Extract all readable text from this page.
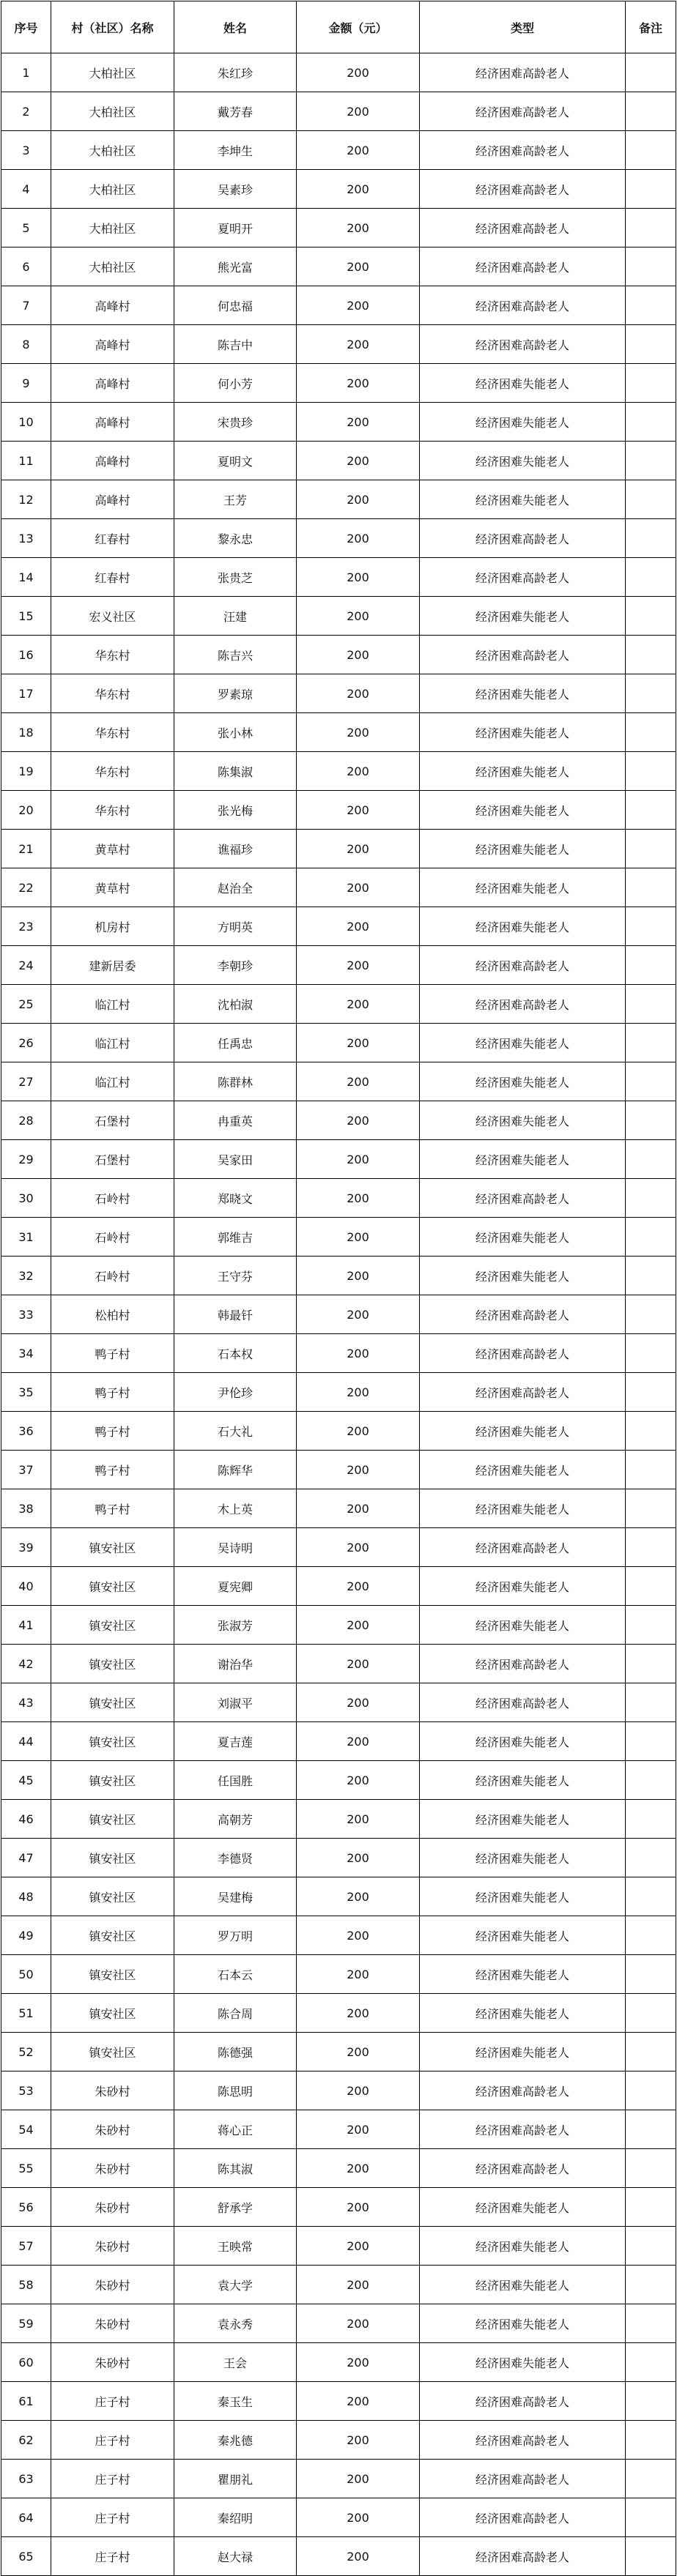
序号	村（社区）名称	姓名	金额（元）	类型	备注
1	大柏社区	朱红珍	200	经济困难高龄老人	
2	大柏社区	戴芳春	200	经济困难高龄老人	
3	大柏社区	李坤生	200	经济困难高龄老人	
4	大柏社区	吴素珍	200	经济困难高龄老人	
5	大柏社区	夏明开	200	经济困难高龄老人	
6	大柏社区	熊光富	200	经济困难高龄老人	
7	高峰村	何忠福	200	经济困难高龄老人	
8	高峰村	陈吉中	200	经济困难高龄老人	
9	高峰村	何小芳	200	经济困难失能老人	
10	高峰村	宋贵珍	200	经济困难失能老人	
11	高峰村	夏明文	200	经济困难失能老人	
12	高峰村	王芳	200	经济困难失能老人	
13	红春村	黎永忠	200	经济困难高龄老人	
14	红春村	张贵芝	200	经济困难高龄老人	
15	宏义社区	汪建	200	经济困难失能老人	
16	华东村	陈吉兴	200	经济困难高龄老人	
17	华东村	罗素琼	200	经济困难失能老人	
18	华东村	张小林	200	经济困难失能老人	
19	华东村	陈集淑	200	经济困难失能老人	
20	华东村	张光梅	200	经济困难失能老人	
21	黄草村	谯福珍	200	经济困难失能老人	
22	黄草村	赵治全	200	经济困难失能老人	
23	机房村	方明英	200	经济困难失能老人	
24	建新居委	李朝珍	200	经济困难高龄老人	
25	临江村	沈柏淑	200	经济困难高龄老人	
26	临江村	任禹忠	200	经济困难失能老人	
27	临江村	陈群林	200	经济困难失能老人	
28	石堡村	冉重英	200	经济困难失能老人	
29	石堡村	吴家田	200	经济困难失能老人	
30	石岭村	郑晓文	200	经济困难高龄老人	
31	石岭村	郭维吉	200	经济困难失能老人	
32	石岭村	王守芬	200	经济困难失能老人	
33	松柏村	韩最钎	200	经济困难高龄老人	
34	鸭子村	石本权	200	经济困难高龄老人	
35	鸭子村	尹伦珍	200	经济困难高龄老人	
36	鸭子村	石大礼	200	经济困难失能老人	
37	鸭子村	陈辉华	200	经济困难失能老人	
38	鸭子村	木上英	200	经济困难失能老人	
39	镇安社区	吴诗明	200	经济困难高龄老人	
40	镇安社区	夏宪卿	200	经济困难失能老人	
41	镇安社区	张淑芳	200	经济困难失能老人	
42	镇安社区	谢治华	200	经济困难高龄老人	
43	镇安社区	刘淑平	200	经济困难高龄老人	
44	镇安社区	夏吉莲	200	经济困难失能老人	
45	镇安社区	任国胜	200	经济困难失能老人	
46	镇安社区	高朝芳	200	经济困难失能老人	
47	镇安社区	李德贤	200	经济困难失能老人	
48	镇安社区	吴建梅	200	经济困难失能老人	
49	镇安社区	罗万明	200	经济困难失能老人	
50	镇安社区	石本云	200	经济困难失能老人	
51	镇安社区	陈合周	200	经济困难失能老人	
52	镇安社区	陈德强	200	经济困难失能老人	
53	朱砂村	陈思明	200	经济困难高龄老人	
54	朱砂村	蒋心正	200	经济困难高龄老人	
55	朱砂村	陈其淑	200	经济困难高龄老人	
56	朱砂村	舒承学	200	经济困难失能老人	
57	朱砂村	王映常	200	经济困难失能老人	
58	朱砂村	袁大学	200	经济困难失能老人	
59	朱砂村	袁永秀	200	经济困难失能老人	
60	朱砂村	王会	200	经济困难失能老人	
61	庄子村	秦玉生	200	经济困难高龄老人	
62	庄子村	秦兆德	200	经济困难高龄老人	
63	庄子村	瞿朋礼	200	经济困难高龄老人	
64	庄子村	秦绍明	200	经济困难高龄老人	
65	庄子村	赵大禄	200	经济困难高龄老人	
